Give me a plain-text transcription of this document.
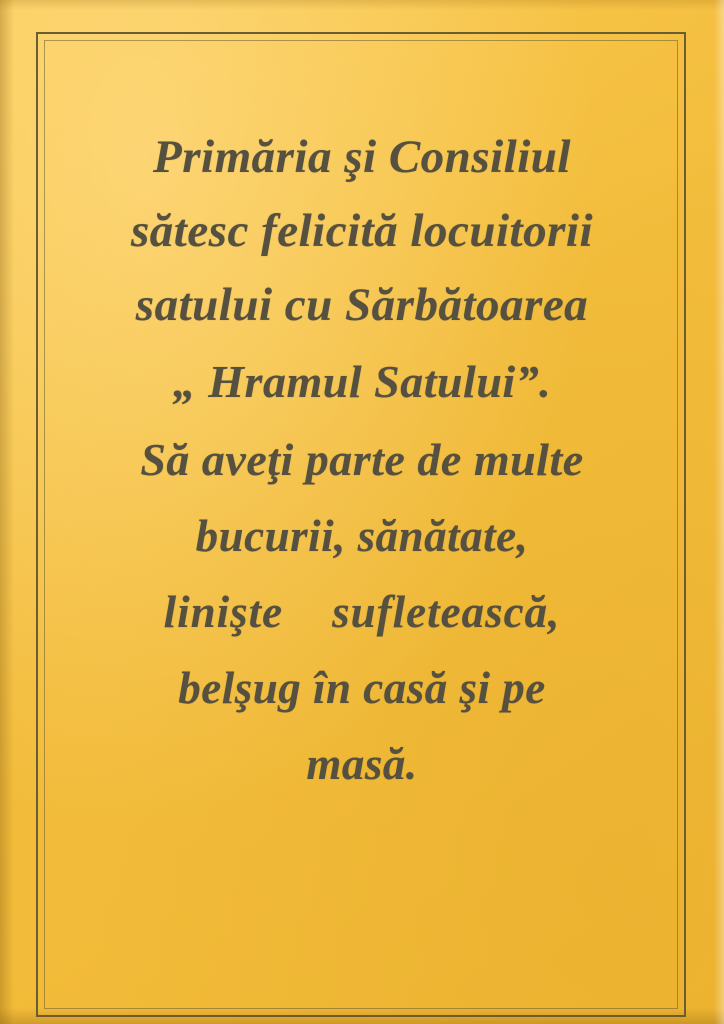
Primăria şi Consiliul
sătesc felicită locuitorii
satului cu Sărbătoarea
„ Hramul Satului”.
Să aveţi parte de multe
bucurii, sănătate,
linişte    sufletească,
belşug în casă şi pe
masă.
